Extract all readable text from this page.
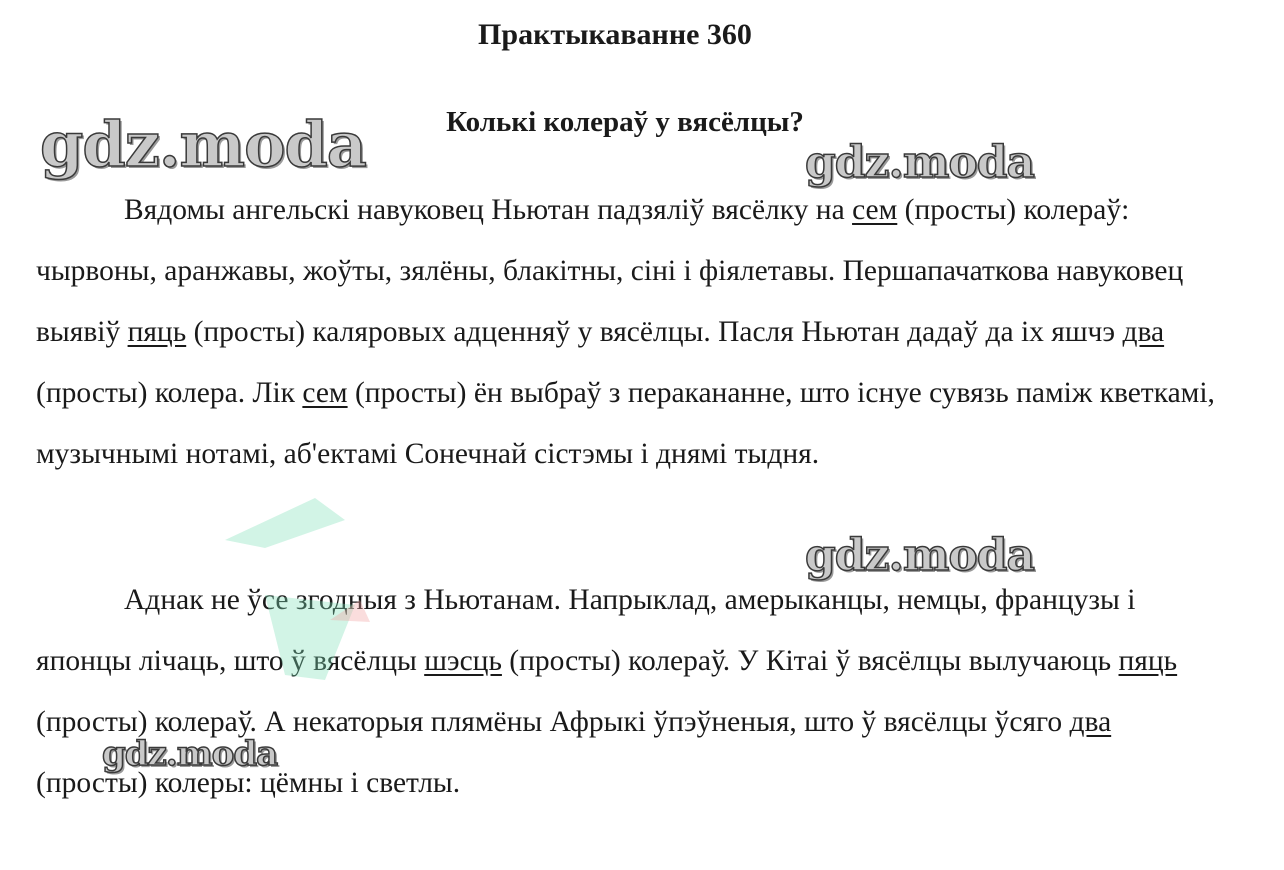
Практыкаванне 360
Колькі колераў у вясёлцы?

Вядомы ангельскі навуковец Ньютан падзяліў вясёлку на сем (просты) колераў: чырвоны, аранжавы, жоўты, зялёны, блакітны, сіні і фіялетавы. Першапачаткова навуковец выявіў пяць (просты) каляровых адценняў у вясёлцы. Пасля Ньютан дадаў да іх яшчэ два (просты) колера. Лік сем (просты) ён выбраў з перакананне, што існуе сувязь паміж кветкамі, музычнымі нотамі, аб'ектамі Сонечнай сістэмы і днямі тыдня.

Аднак не ўсе згодныя з Ньютанам. Напрыклад, амерыканцы, немцы, французы і японцы лічаць, што ў вясёлцы шэсць (просты) колераў. У Кітаі ў вясёлцы вылучаюць пяць (просты) колераў. А некаторыя плямёны Афрыкі ўпэўненыя, што ў вясёлцы ўсяго два (просты) колеры: цёмны і светлы.

gdz.moda	gdz.moda
gdz.moda
gdz.moda
